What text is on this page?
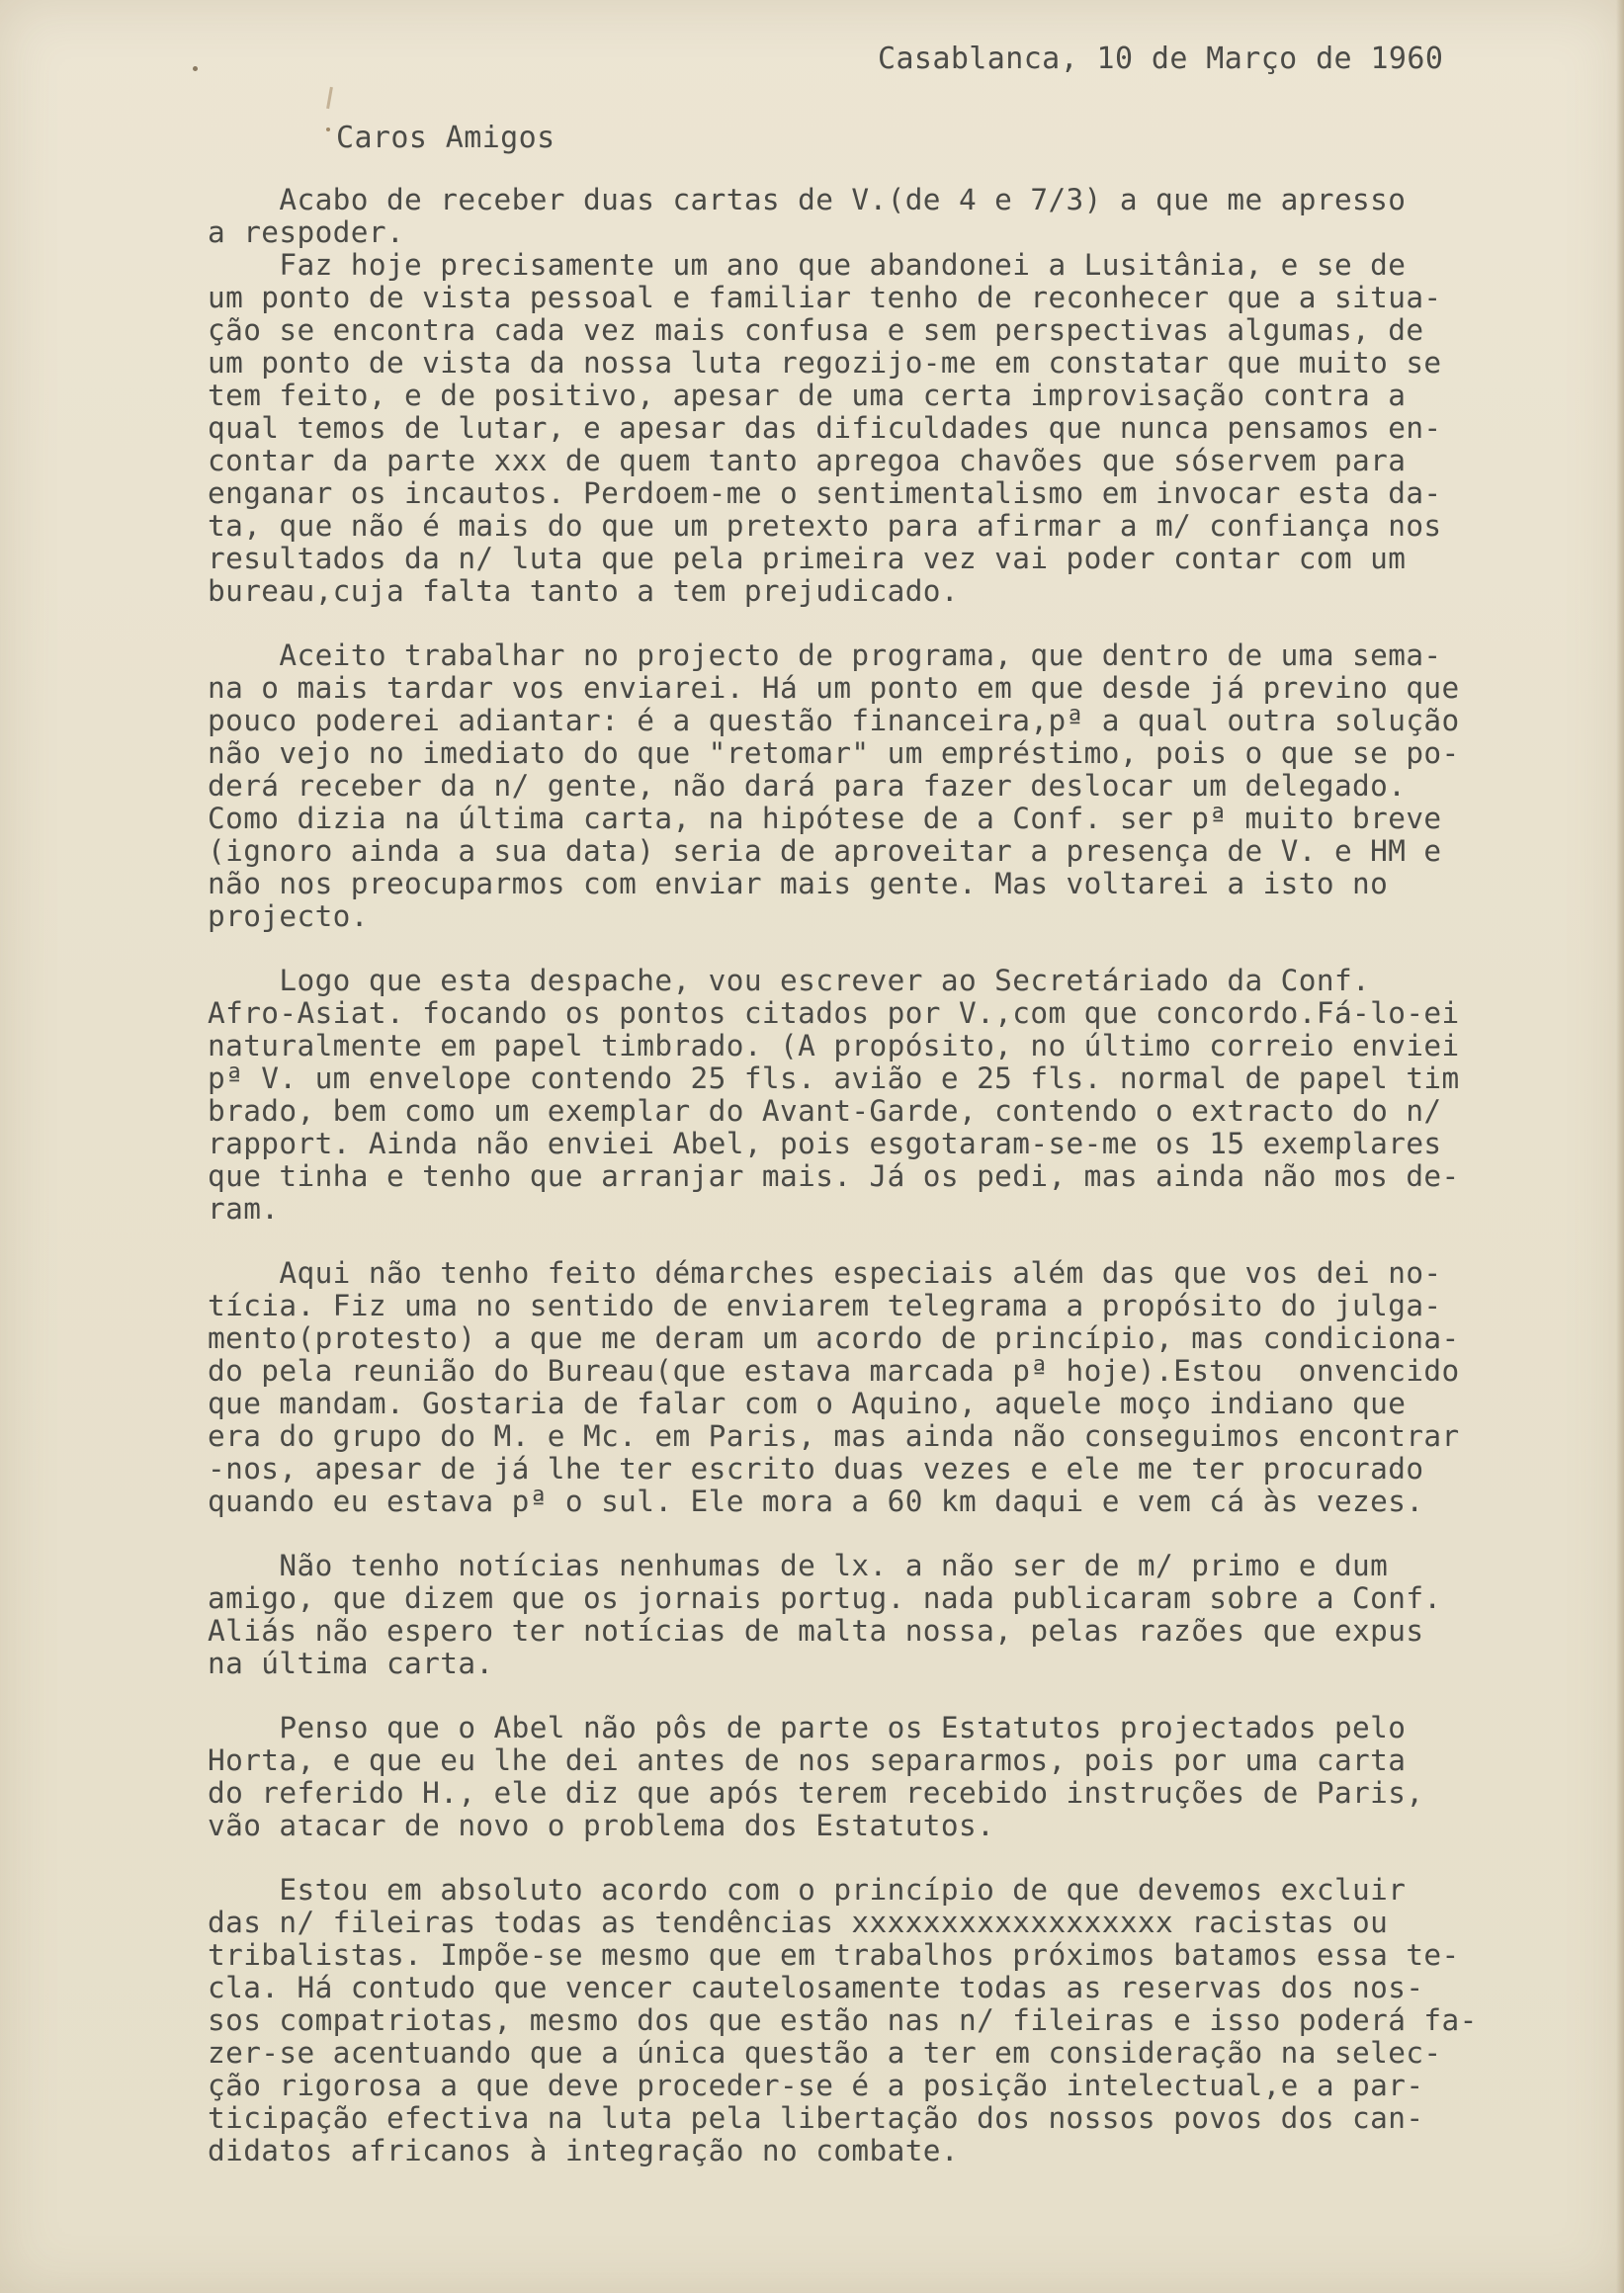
Casablanca, 10 de Março de 1960
Caros Amigos
Acabo de receber duas cartas de V.(de 4 e 7/3) a que me apresso
a respoder.
Faz hoje precisamente um ano que abandonei a Lusitânia, e se de
um ponto de vista pessoal e familiar tenho de reconhecer que a situa-
ção se encontra cada vez mais confusa e sem perspectivas algumas, de
um ponto de vista da nossa luta regozijo-me em constatar que muito se
tem feito, e de positivo, apesar de uma certa improvisação contra a
qual temos de lutar, e apesar das dificuldades que nunca pensamos en-
contar da parte xxx de quem tanto apregoa chavões que sóservem para
enganar os incautos. Perdoem-me o sentimentalismo em invocar esta da-
ta, que não é mais do que um pretexto para afirmar a m/ confiança nos
resultados da n/ luta que pela primeira vez vai poder contar com um
bureau,cuja falta tanto a tem prejudicado.
Aceito trabalhar no projecto de programa, que dentro de uma sema-
na o mais tardar vos enviarei. Há um ponto em que desde já previno que
pouco poderei adiantar: é a questão financeira,pª a qual outra solução
não vejo no imediato do que "retomar" um empréstimo, pois o que se po-
derá receber da n/ gente, não dará para fazer deslocar um delegado.
Como dizia na última carta, na hipótese de a Conf. ser pª muito breve
(ignoro ainda a sua data) seria de aproveitar a presença de V. e HM e
não nos preocuparmos com enviar mais gente. Mas voltarei a isto no
projecto.
Logo que esta despache, vou escrever ao Secretáriado da Conf.
Afro-Asiat. focando os pontos citados por V.,com que concordo.Fá-lo-ei
naturalmente em papel timbrado. (A propósito, no último correio enviei
pª V. um envelope contendo 25 fls. avião e 25 fls. normal de papel tim
brado, bem como um exemplar do Avant-Garde, contendo o extracto do n/
rapport. Ainda não enviei Abel, pois esgotaram-se-me os 15 exemplares
que tinha e tenho que arranjar mais. Já os pedi, mas ainda não mos de-
ram.
Aqui não tenho feito démarches especiais além das que vos dei no-
tícia. Fiz uma no sentido de enviarem telegrama a propósito do julga-
mento(protesto) a que me deram um acordo de princípio, mas condiciona-
do pela reunião do Bureau(que estava marcada pª hoje).Estou  onvencido
que mandam. Gostaria de falar com o Aquino, aquele moço indiano que
era do grupo do M. e Mc. em Paris, mas ainda não conseguimos encontrar
-nos, apesar de já lhe ter escrito duas vezes e ele me ter procurado
quando eu estava pª o sul. Ele mora a 60 km daqui e vem cá às vezes.
Não tenho notícias nenhumas de lx. a não ser de m/ primo e dum
amigo, que dizem que os jornais portug. nada publicaram sobre a Conf.
Aliás não espero ter notícias de malta nossa, pelas razões que expus
na última carta.
Penso que o Abel não pôs de parte os Estatutos projectados pelo
Horta, e que eu lhe dei antes de nos separarmos, pois por uma carta
do referido H., ele diz que após terem recebido instruções de Paris,
vão atacar de novo o problema dos Estatutos.
Estou em absoluto acordo com o princípio de que devemos excluir
das n/ fileiras todas as tendências xxxxxxxxxxxxxxxxxx racistas ou
tribalistas. Impõe-se mesmo que em trabalhos próximos batamos essa te-
cla. Há contudo que vencer cautelosamente todas as reservas dos nos-
sos compatriotas, mesmo dos que estão nas n/ fileiras e isso poderá fa-
zer-se acentuando que a única questão a ter em consideração na selec-
ção rigorosa a que deve proceder-se é a posição intelectual,e a par-
ticipação efectiva na luta pela libertação dos nossos povos dos can-
didatos africanos à integração no combate.
